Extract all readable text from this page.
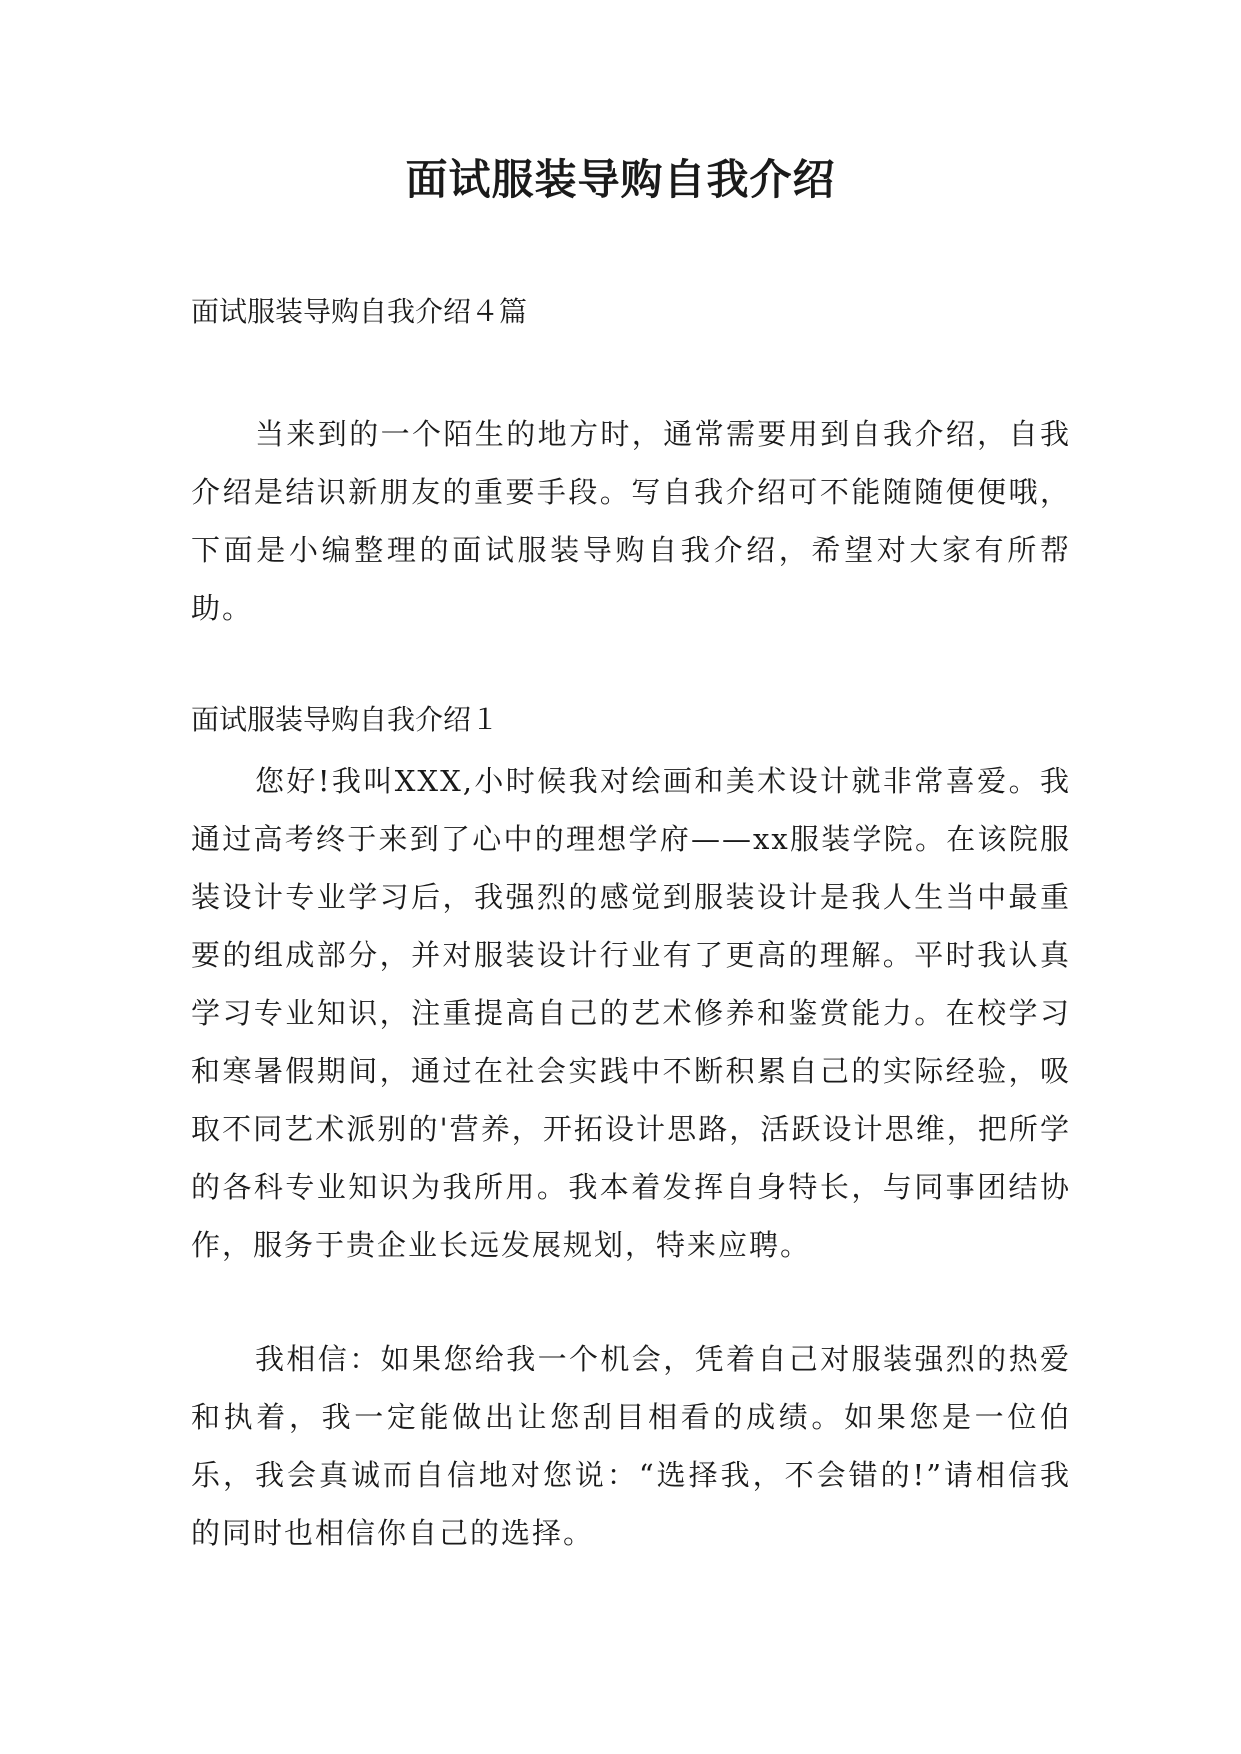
面试服装导购自我介绍
面试服装导购自我介绍４篇

当来到的一个陌生的地方时，通常需要用到自我介绍，自我介绍是结识新朋友的重要手段。写自我介绍可不能随随便便哦，下面是小编整理的面试服装导购自我介绍，希望对大家有所帮助。

面试服装导购自我介绍１

您好!我叫XXX,小时候我对绘画和美术设计就非常喜爱。我通过高考终于来到了心中的理想学府——xx服装学院。在该院服装设计专业学习后，我强烈的感觉到服装设计是我人生当中最重要的组成部分，并对服装设计行业有了更高的理解。平时我认真学习专业知识，注重提高自己的艺术修养和鉴赏能力。在校学习和寒暑假期间，通过在社会实践中不断积累自己的实际经验，吸取不同艺术派别的'营养，开拓设计思路，活跃设计思维，把所学的各科专业知识为我所用。我本着发挥自身特长，与同事团结协作，服务于贵企业长远发展规划，特来应聘。

我相信：如果您给我一个机会，凭着自己对服装强烈的热爱和执着，我一定能做出让您刮目相看的成绩。如果您是一位伯乐，我会真诚而自信地对您说：“选择我，不会错的!”请相信我的同时也相信你自己的选择。
